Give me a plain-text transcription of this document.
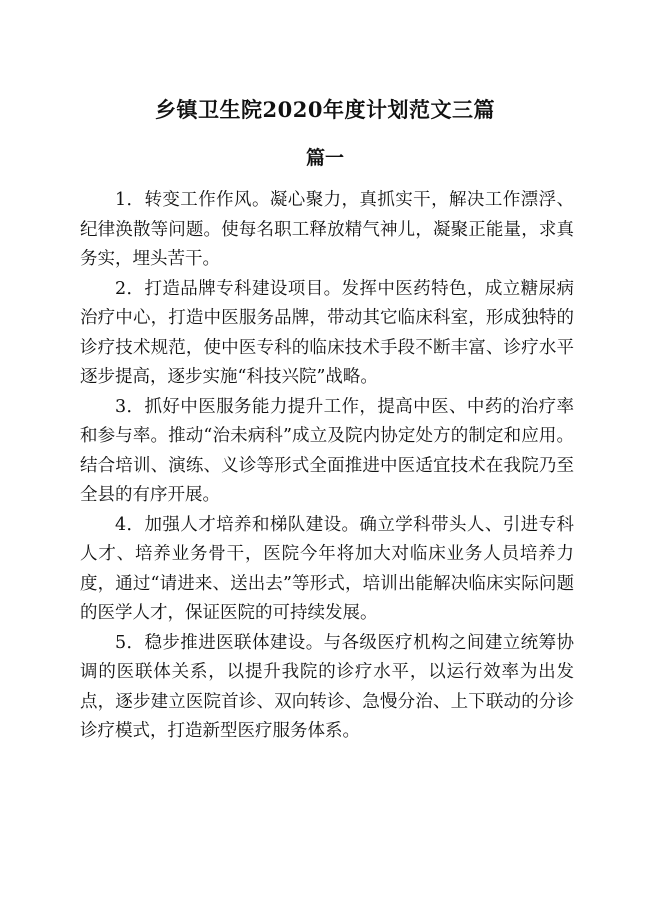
乡镇卫生院2020年度计划范文三篇
篇一

1．转变工作作风。凝心聚力，真抓实干，解决工作漂浮、纪律涣散等问题。使每名职工释放精气神儿，凝聚正能量，求真务实，埋头苦干。

2．打造品牌专科建设项目。发挥中医药特色，成立糖尿病治疗中心，打造中医服务品牌，带动其它临床科室，形成独特的诊疗技术规范，使中医专科的临床技术手段不断丰富、诊疗水平逐步提高，逐步实施“科技兴院”战略。

3．抓好中医服务能力提升工作，提高中医、中药的治疗率和参与率。推动“治未病科”成立及院内协定处方的制定和应用。结合培训、演练、义诊等形式全面推进中医适宜技术在我院乃至全县的有序开展。

4．加强人才培养和梯队建设。确立学科带头人、引进专科人才、培养业务骨干，医院今年将加大对临床业务人员培养力度，通过“请进来、送出去”等形式，培训出能解决临床实际问题的医学人才，保证医院的可持续发展。

5．稳步推进医联体建设。与各级医疗机构之间建立统筹协调的医联体关系，以提升我院的诊疗水平，以运行效率为出发点，逐步建立医院首诊、双向转诊、急慢分治、上下联动的分诊诊疗模式，打造新型医疗服务体系。
